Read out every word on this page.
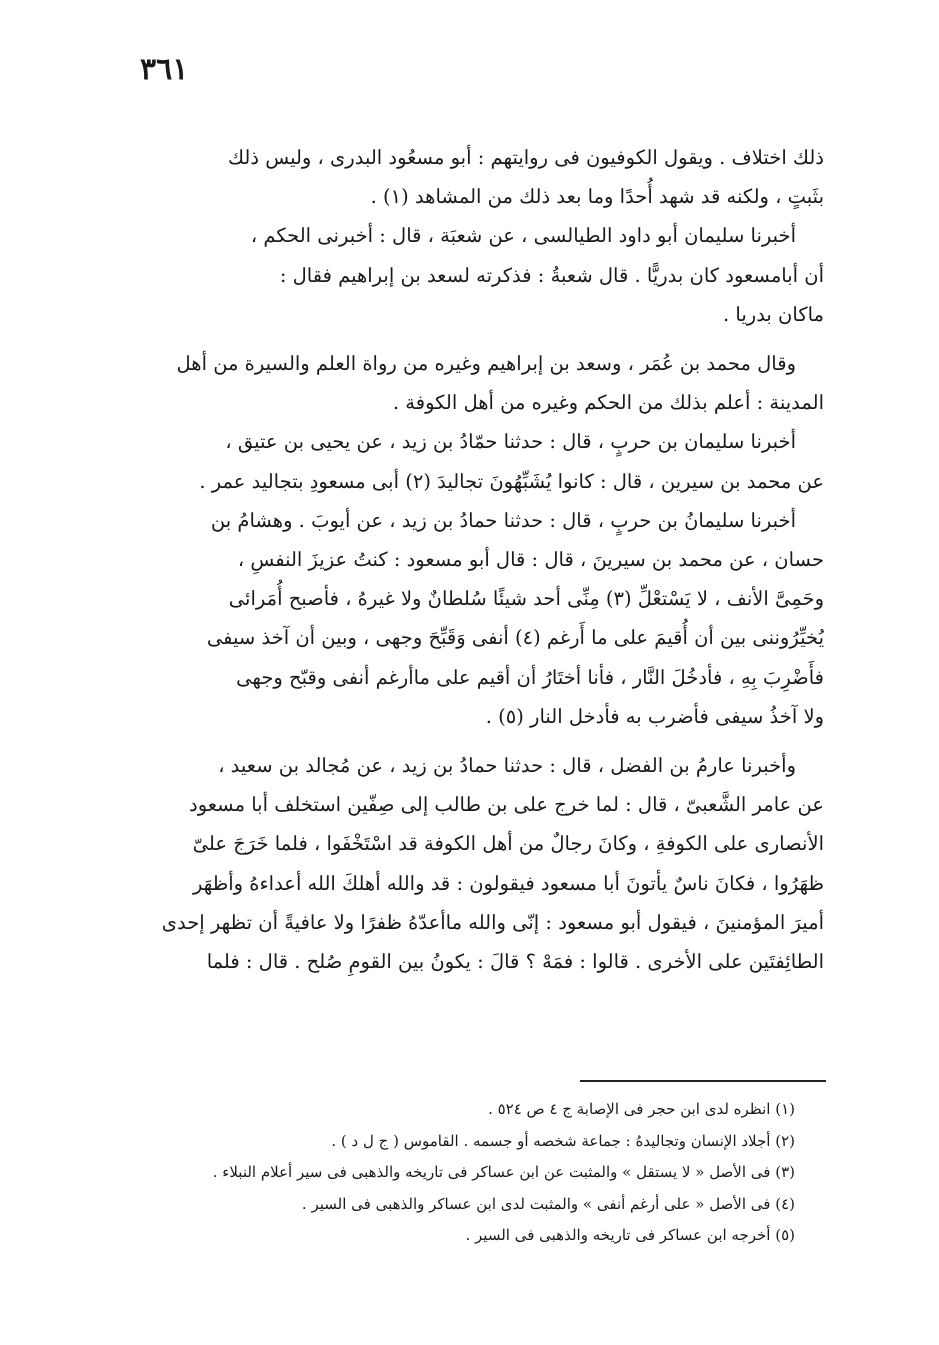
٣٦١

ذلك اختلاف . ويقول الكوفيون فى روايتهم : أبو مسعُود البدرى ، وليس ذلك
بثَبتٍ ، ولكنه قد شهد أُحدًا وما بعد ذلك من المشاهد (١) .

أخبرنا سليمان أبو داود الطيالسى ، عن شعبَة ، قال : أخبرنى الحكم ،
أن أبامسعود كان بدريًّا . قال شعبةُ : فذكرته لسعد بن إبراهيم فقال :
ماكان بدريا .

وقال محمد بن عُمَر ، وسعد بن إبراهيم وغيره من رواة العلم والسيرة من أهل
المدينة : أعلم بذلك من الحكم وغيره من أهل الكوفة .

أخبرنا سليمان بن حربٍ ، قال : حدثنا حمّادُ بن زيد ، عن يحيى بن عتيق ،
عن محمد بن سيرين ، قال : كانوا يُشَبِّهُونَ تجاليدَ (٢) أبى مسعودِ بتجاليد عمر .

أخبرنا سليمانُ بن حربٍ ، قال : حدثنا حمادُ بن زيد ، عن أيوبَ . وهشامُ بن
حسان ، عن محمد بن سيرينَ ، قال : قال أبو مسعود : كنتُ عزيزَ النفسِ ،
وحَمِىَّ الأنف ، لا يَسْتعْلِّ (٣) مِنِّى أحد شيئًا سُلطانٌ ولا غيرهُ ، فأصبح أُمَرائى
يُخيِّرُوننى بين أن أُقيمَ على ما أَرغم (٤) أنفى وَقَبِّحَ وجهى ، وبين أن آخذ سيفى
فأَضْرِبَ بِهِ ، فأدخُلَ النَّار ، فأنا أختَارُ أن أقيم على ماأرغم أنفى وقبّح وجهى
ولا آخذُ سيفى فأضرب به فأدخل النار (٥) .

وأخبرنا عارمُ بن الفضل ، قال : حدثنا حمادُ بن زيد ، عن مُجالد بن سعيد ،
عن عامر الشَّعبىّ ، قال : لما خرج على بن طالب إلى صِفّين استخلف أبا مسعود
الأنصارى على الكوفةِ ، وكانَ رجالٌ من أهل الكوفة قد اسْتَخْفَوا ، فلما خَرَجَ علىّ
ظهَرُوا ، فكانَ ناسٌ يأتونَ أبا مسعود فيقولون : قد والله أهلكَ الله أعداءهُ وأظهَر
أميرَ المؤمنينَ ، فيقول أبو مسعود : إنّى والله ماأعدّهُ ظفرًا ولا عافيةً أن تظهر إحدى
الطائِفتَين على الأخرى . قالوا : فمَهْ ؟ قالَ : يكونُ بين القومِ صُلح . قال : فلما

(١) انظره لدى ابن حجر فى الإصابة ج ٤ ص ٥٢٤ .
(٢) أجلاد الإنسان وتجاليدهُ : جماعة شخصه أو جسمه . القاموس ( ج ل د ) .
(٣) فى الأصل « لا يستقل » والمثبت عن ابن عساكر فى تاريخه والذهبى فى سير أعلام النبلاء .
(٤) فى الأصل « على أرغم أنفى » والمثبت لدى ابن عساكر والذهبى فى السير .
(٥) أخرجه ابن عساكر فى تاريخه والذهبى فى السير .
